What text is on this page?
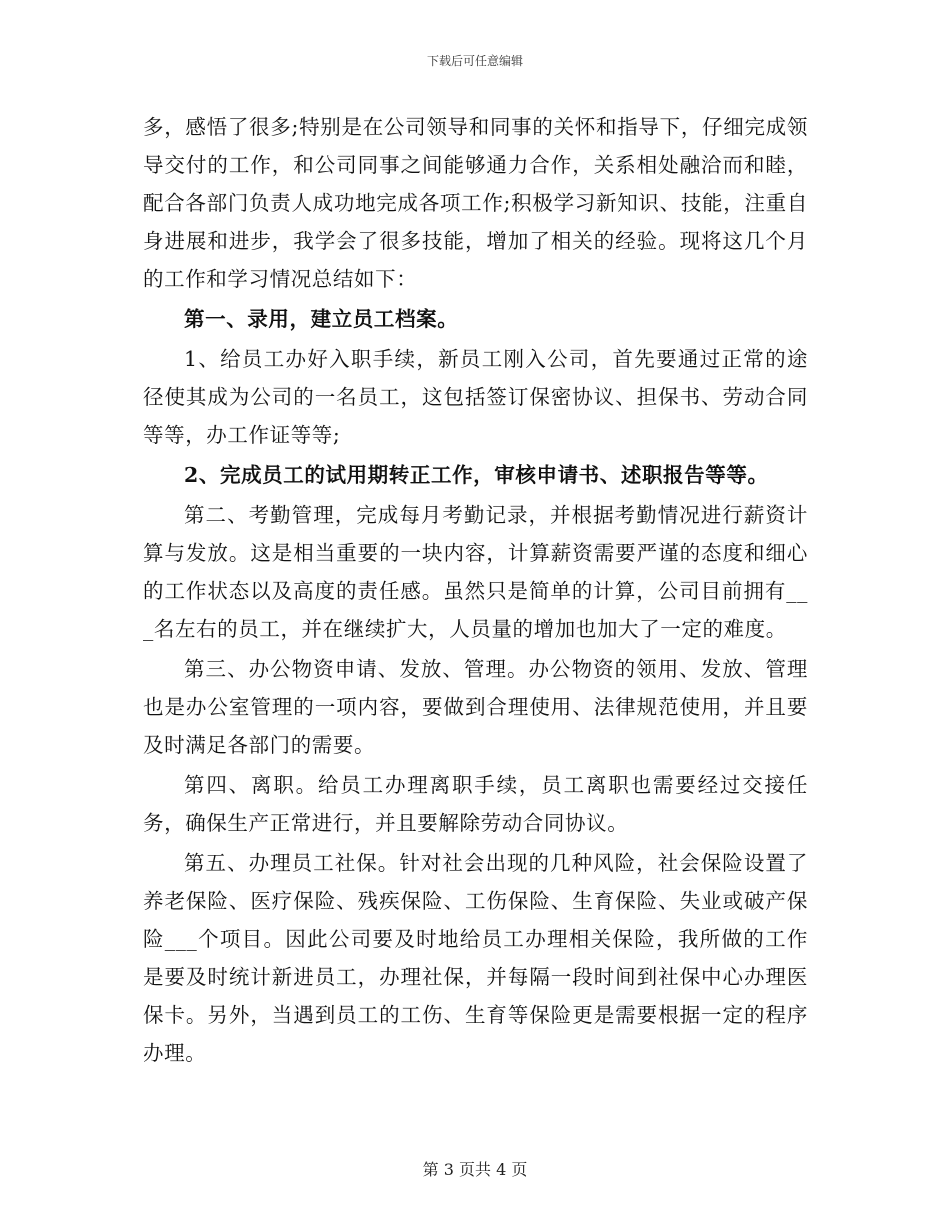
下载后可任意编辑

多，感悟了很多;特别是在公司领导和同事的关怀和指导下，仔细完成领导交付的工作，和公司同事之间能够通力合作，关系相处融洽而和睦，配合各部门负责人成功地完成各项工作;积极学习新知识、技能，注重自身进展和进步，我学会了很多技能，增加了相关的经验。现将这几个月的工作和学习情况总结如下：

第一、录用，建立员工档案。

1、给员工办好入职手续，新员工刚入公司，首先要通过正常的途径使其成为公司的一名员工，这包括签订保密协议、担保书、劳动合同等等，办工作证等等;

2、完成员工的试用期转正工作，审核申请书、述职报告等等。

第二、考勤管理，完成每月考勤记录，并根据考勤情况进行薪资计算与发放。这是相当重要的一块内容，计算薪资需要严谨的态度和细心的工作状态以及高度的责任感。虽然只是简单的计算，公司目前拥有___名左右的员工，并在继续扩大，人员量的增加也加大了一定的难度。

第三、办公物资申请、发放、管理。办公物资的领用、发放、管理也是办公室管理的一项内容，要做到合理使用、法律规范使用，并且要及时满足各部门的需要。

第四、离职。给员工办理离职手续，员工离职也需要经过交接任务，确保生产正常进行，并且要解除劳动合同协议。

第五、办理员工社保。针对社会出现的几种风险，社会保险设置了养老保险、医疗保险、残疾保险、工伤保险、生育保险、失业或破产保险___个项目。因此公司要及时地给员工办理相关保险，我所做的工作是要及时统计新进员工，办理社保，并每隔一段时间到社保中心办理医保卡。另外，当遇到员工的工伤、生育等保险更是需要根据一定的程序办理。

第 3 页共 4 页
